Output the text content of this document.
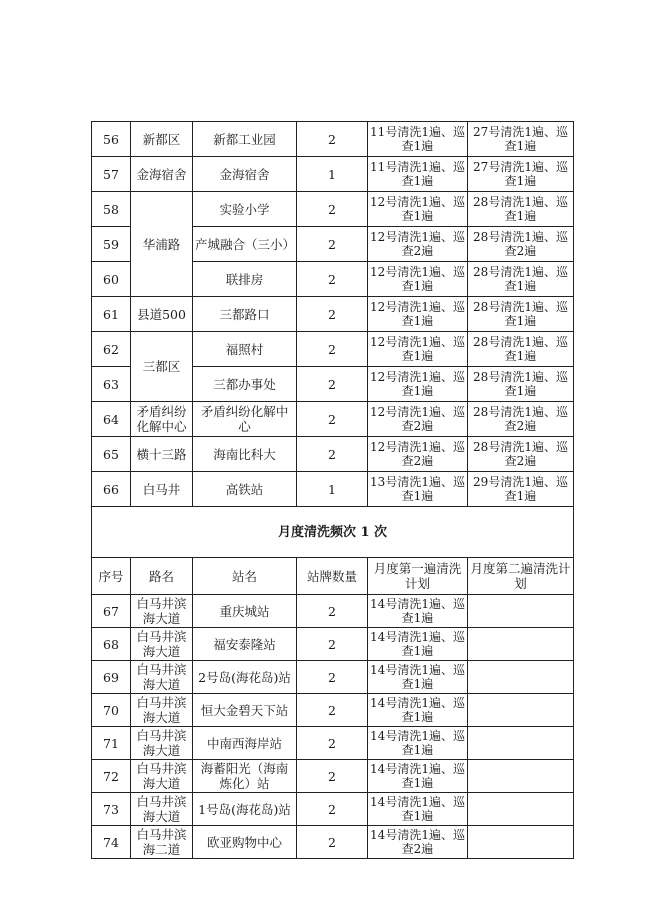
56	新都区	新都工业园	2	11号清洗1遍、巡查1遍	27号清洗1遍、巡查1遍
57	金海宿舍	金海宿舍	1	11号清洗1遍、巡查1遍	27号清洗1遍、巡查1遍
58	华浦路	实验小学	2	12号清洗1遍、巡查1遍	28号清洗1遍、巡查1遍
59		产城融合（三小）	2	12号清洗1遍、巡查2遍	28号清洗1遍、巡查2遍
60		联排房	2	12号清洗1遍、巡查1遍	28号清洗1遍、巡查1遍
61	县道500	三都路口	2	12号清洗1遍、巡查1遍	28号清洗1遍、巡查1遍
62	三都区	福照村	2	12号清洗1遍、巡查1遍	28号清洗1遍、巡查1遍
63		三都办事处	2	12号清洗1遍、巡查1遍	28号清洗1遍、巡查1遍
64	矛盾纠纷化解中心	矛盾纠纷化解中心	2	12号清洗1遍、巡查2遍	28号清洗1遍、巡查2遍
65	横十三路	海南比科大	2	12号清洗1遍、巡查2遍	28号清洗1遍、巡查2遍
66	白马井	高铁站	1	13号清洗1遍、巡查1遍	29号清洗1遍、巡查1遍
月度清洗频次 1 次					
序号	路名	站名	站牌数量	月度第一遍清洗计划	月度第二遍清洗计划
67	白马井滨海大道	重庆城站	2	14号清洗1遍、巡查1遍	
68	白马井滨海大道	福安泰隆站	2	14号清洗1遍、巡查1遍	
69	白马井滨海大道	2号岛(海花岛)站	2	14号清洗1遍、巡查1遍	
70	白马井滨海大道	恒大金碧天下站	2	14号清洗1遍、巡查1遍	
71	白马井滨海大道	中南西海岸站	2	14号清洗1遍、巡查1遍	
72	白马井滨海大道	海蓄阳光（海南炼化）站	2	14号清洗1遍、巡查1遍	
73	白马井滨海大道	1号岛(海花岛)站	2	14号清洗1遍、巡查1遍	
74	白马井滨海二道	欧亚购物中心	2	14号清洗1遍、巡查2遍	
